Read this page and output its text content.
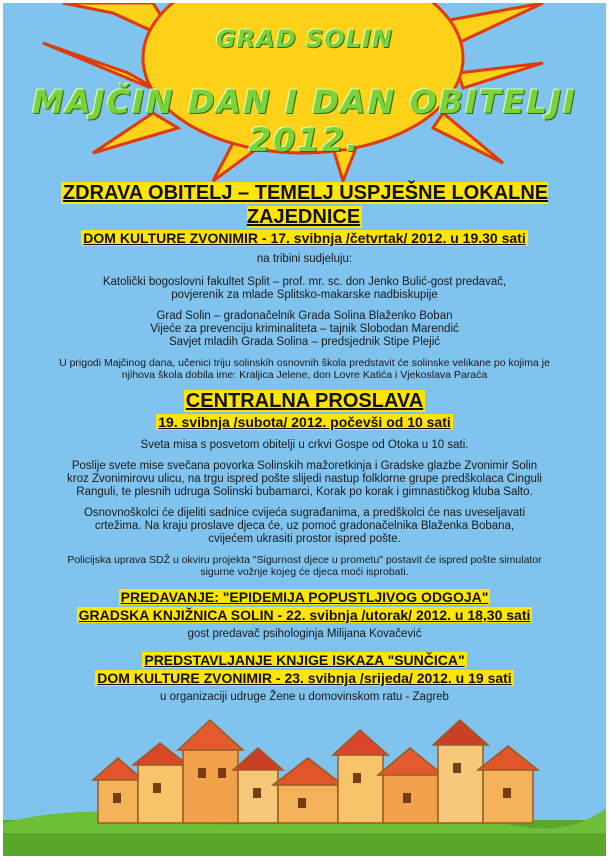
GRAD SOLIN
MAJČIN DAN I DAN OBITELJI 2012.
ZDRAVA OBITELJ – TEMELJ USPJEŠNE LOKALNE ZAJEDNICE
DOM KULTURE ZVONIMIR - 17. svibnja /četvrtak/ 2012. u 19.30 sati

na tribini sudjeluju:

Katolički bogoslovni fakultet Split – prof. mr. sc. don Jenko Bulić-gost predavač,

povjerenik za mlade Splitsko-makarske nadbiskupije

Grad Solin – gradonačelnik Grada Solina Blaženko Boban

Vijeće za prevenciju kriminaliteta – tajnik Slobodan Marendić

Savjet mladih Grada Solina – predsjednik Stipe Plejić

U prigodi Majčinog dana, učenici triju solinskih osnovnih škola predstavit će solinske velikane po kojima je

njihova škola dobila ime: Kraljica Jelene, don Lovre Katića i Vjekoslava Paraća

CENTRALNA PROSLAVA
19. svibnja /subota/ 2012. počevši od 10 sati

Sveta misa s posvetom obitelji u crkvi Gospe od Otoka u 10 sati.

Poslije svete mise svečana povorka Solinskih mažoretkinja i Gradske glazbe Zvonimir Solin

kroz Zvonimirovu ulicu, na trgu ispred pošte slijedi nastup folklorne grupe predškolaca Cinguli

Ranguli, te plesnih udruga Solinski bubamarci, Korak po korak i gimnastičkog kluba Salto.

Osnovnoškolci će dijeliti sadnice cvijeća sugrađanima, a predškolci će nas uveseljavati

crtežima. Na kraju proslave djeca će, uz pomoć gradonačelnika Blaženka Bobana,

cvijećem ukrasiti prostor ispred pošte.

Policijska uprava SDŽ u okviru projekta "Sigurnost djece u prometu" postavit će ispred pošte simulator

sigurne vožnje kojeg će djeca moći isprobati.

PREDAVANJE: "EPIDEMIJA POPUSTLJIVOG ODGOJA"
GRADSKA KNJIŽNICA SOLIN - 22. svibnja /utorak/ 2012. u 18,30 sati

gost predavač psihologinja Milijana Kovačević

PREDSTAVLJANJE KNJIGE ISKAZA "SUNČICA"
DOM KULTURE ZVONIMIR - 23. svibnja /srijeda/ 2012. u 19 sati

u organizaciji udruge Žene u domovinskom ratu - Zagreb
